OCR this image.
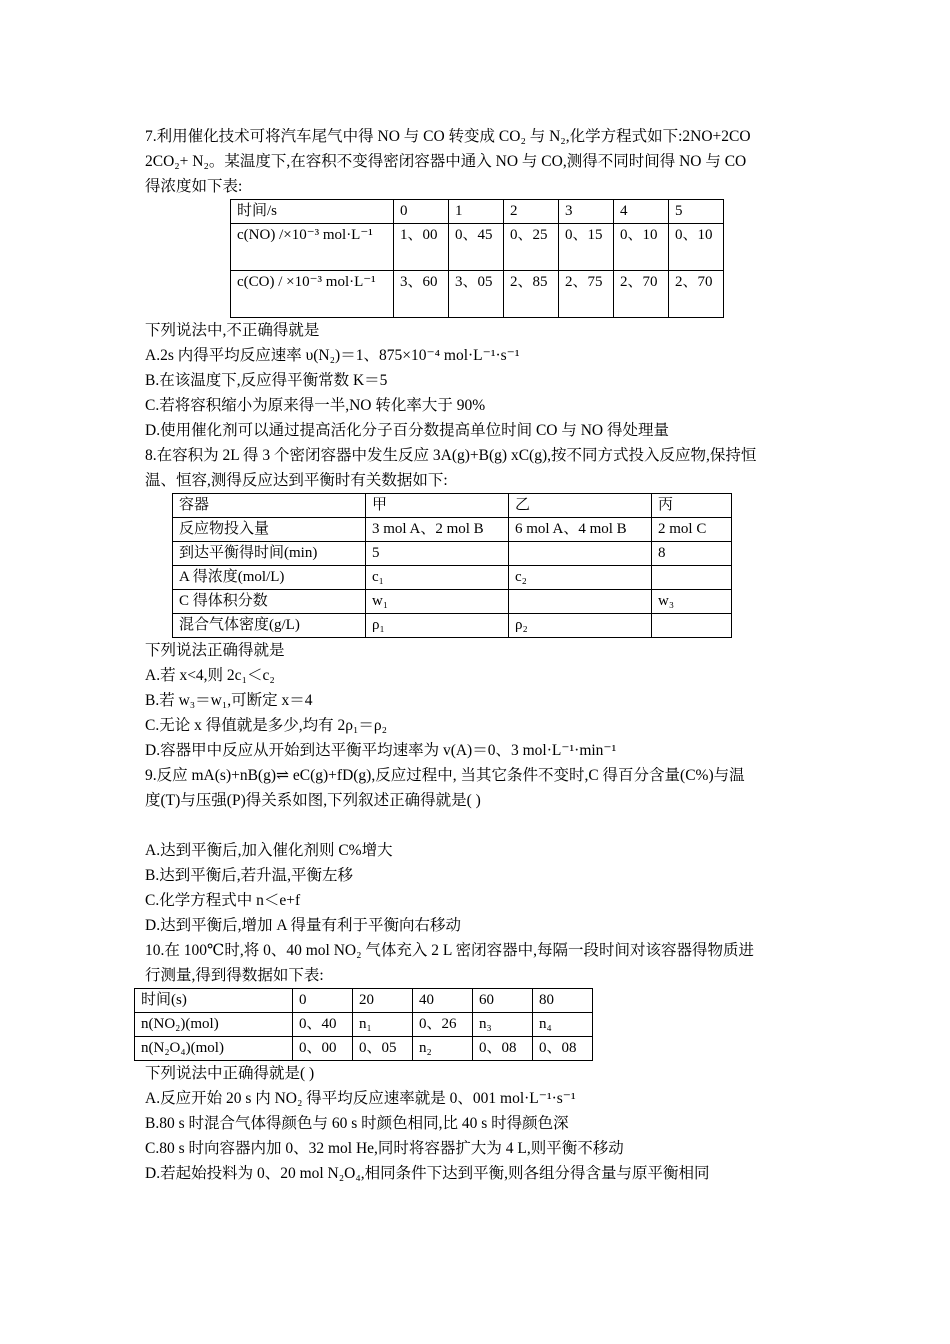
7.利用催化技术可将汽车尾气中得 NO 与 CO 转变成 CO₂ 与 N₂,化学方程式如下:2NO+2CO
2CO₂+ N₂。某温度下,在容积不变得密闭容器中通入 NO 与 CO,测得不同时间得 NO 与 CO
得浓度如下表:
时间/s	0	1	2	3	4	5
c(NO) /×10⁻³ mol·L⁻¹	1、00	0、45	0、25	0、15	0、10	0、10
c(CO) / ×10⁻³ mol·L⁻¹	3、60	3、05	2、85	2、75	2、70	2、70
下列说法中,不正确得就是
A.2s 内得平均反应速率 υ(N₂)＝1、875×10⁻⁴ mol·L⁻¹·s⁻¹
B.在该温度下,反应得平衡常数 K＝5
C.若将容积缩小为原来得一半,NO 转化率大于 90%
D.使用催化剂可以通过提高活化分子百分数提高单位时间 CO 与 NO 得处理量
8.在容积为 2L 得 3 个密闭容器中发生反应 3A(g)+B(g) xC(g),按不同方式投入反应物,保持恒
温、恒容,测得反应达到平衡时有关数据如下:
容器	甲	乙	丙
反应物投入量	3 mol A、2 mol B	6 mol A、4 mol B	2 mol C
到达平衡得时间(min)	5		8
A 得浓度(mol/L)	c₁	c₂	
C 得体积分数	w₁		w₃
混合气体密度(g/L)	ρ₁	ρ₂	
下列说法正确得就是
A.若 x<4,则 2c₁＜c₂
B.若 w₃＝w₁,可断定 x＝4
C.无论 x 得值就是多少,均有 2ρ₁＝ρ₂
D.容器甲中反应从开始到达平衡平均速率为 v(A)＝0、3 mol·L⁻¹·min⁻¹
9.反应 mA(s)+nB(g)⇌ eC(g)+fD(g),反应过程中, 当其它条件不变时,C 得百分含量(C%)与温
度(T)与压强(P)得关系如图,下列叙述正确得就是( )
A.达到平衡后,加入催化剂则 C%增大
B.达到平衡后,若升温,平衡左移
C.化学方程式中 n＜e+f
D.达到平衡后,增加 A 得量有利于平衡向右移动
10.在 100℃时,将 0、40 mol NO₂ 气体充入 2 L 密闭容器中,每隔一段时间对该容器得物质进
行测量,得到得数据如下表:
时间(s)	0	20	40	60	80
n(NO₂)(mol)	0、40	n₁	0、26	n₃	n₄
n(N₂O₄)(mol)	0、00	0、05	n₂	0、08	0、08
下列说法中正确得就是( )
A.反应开始 20 s 内 NO₂ 得平均反应速率就是 0、001 mol·L⁻¹·s⁻¹
B.80 s 时混合气体得颜色与 60 s 时颜色相同,比 40 s 时得颜色深
C.80 s 时向容器内加 0、32 mol He,同时将容器扩大为 4 L,则平衡不移动
D.若起始投料为 0、20 mol N₂O₄,相同条件下达到平衡,则各组分得含量与原平衡相同
